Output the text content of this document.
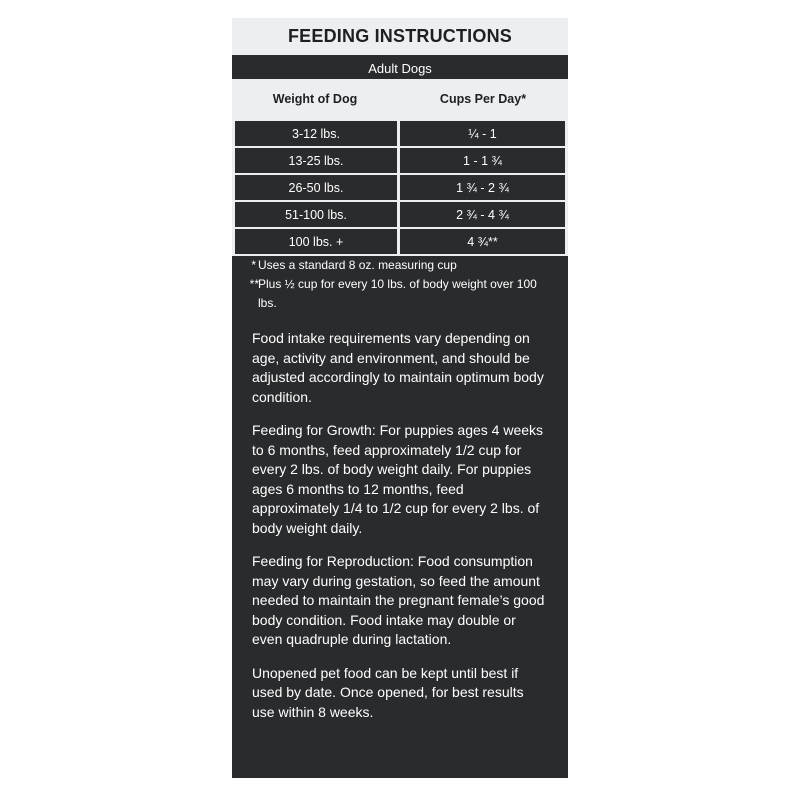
FEEDING INSTRUCTIONS
Adult Dogs
Weight of Dog	Cups Per Day*
3-12 lbs.	¼ - 1
13-25 lbs.	1 - 1 ¾
26-50 lbs.	1 ¾ - 2 ¾
51-100 lbs.	2 ¾ - 4 ¾
100 lbs. +	4 ¾**
* Uses a standard 8 oz. measuring cup
** Plus ½ cup for every 10 lbs. of body weight over 100 lbs.

Food intake requirements vary depending on age, activity and environment, and should be adjusted accordingly to maintain optimum body condition.

Feeding for Growth: For puppies ages 4 weeks to 6 months, feed approximately 1/2 cup for every 2 lbs. of body weight daily. For puppies ages 6 months to 12 months, feed approximately 1/4 to 1/2 cup for every 2 lbs. of body weight daily.

Feeding for Reproduction: Food consumption may vary during gestation, so feed the amount needed to maintain the pregnant female’s good body condition. Food intake may double or even quadruple during lactation.

Unopened pet food can be kept until best if used by date. Once opened, for best results use within 8 weeks.
